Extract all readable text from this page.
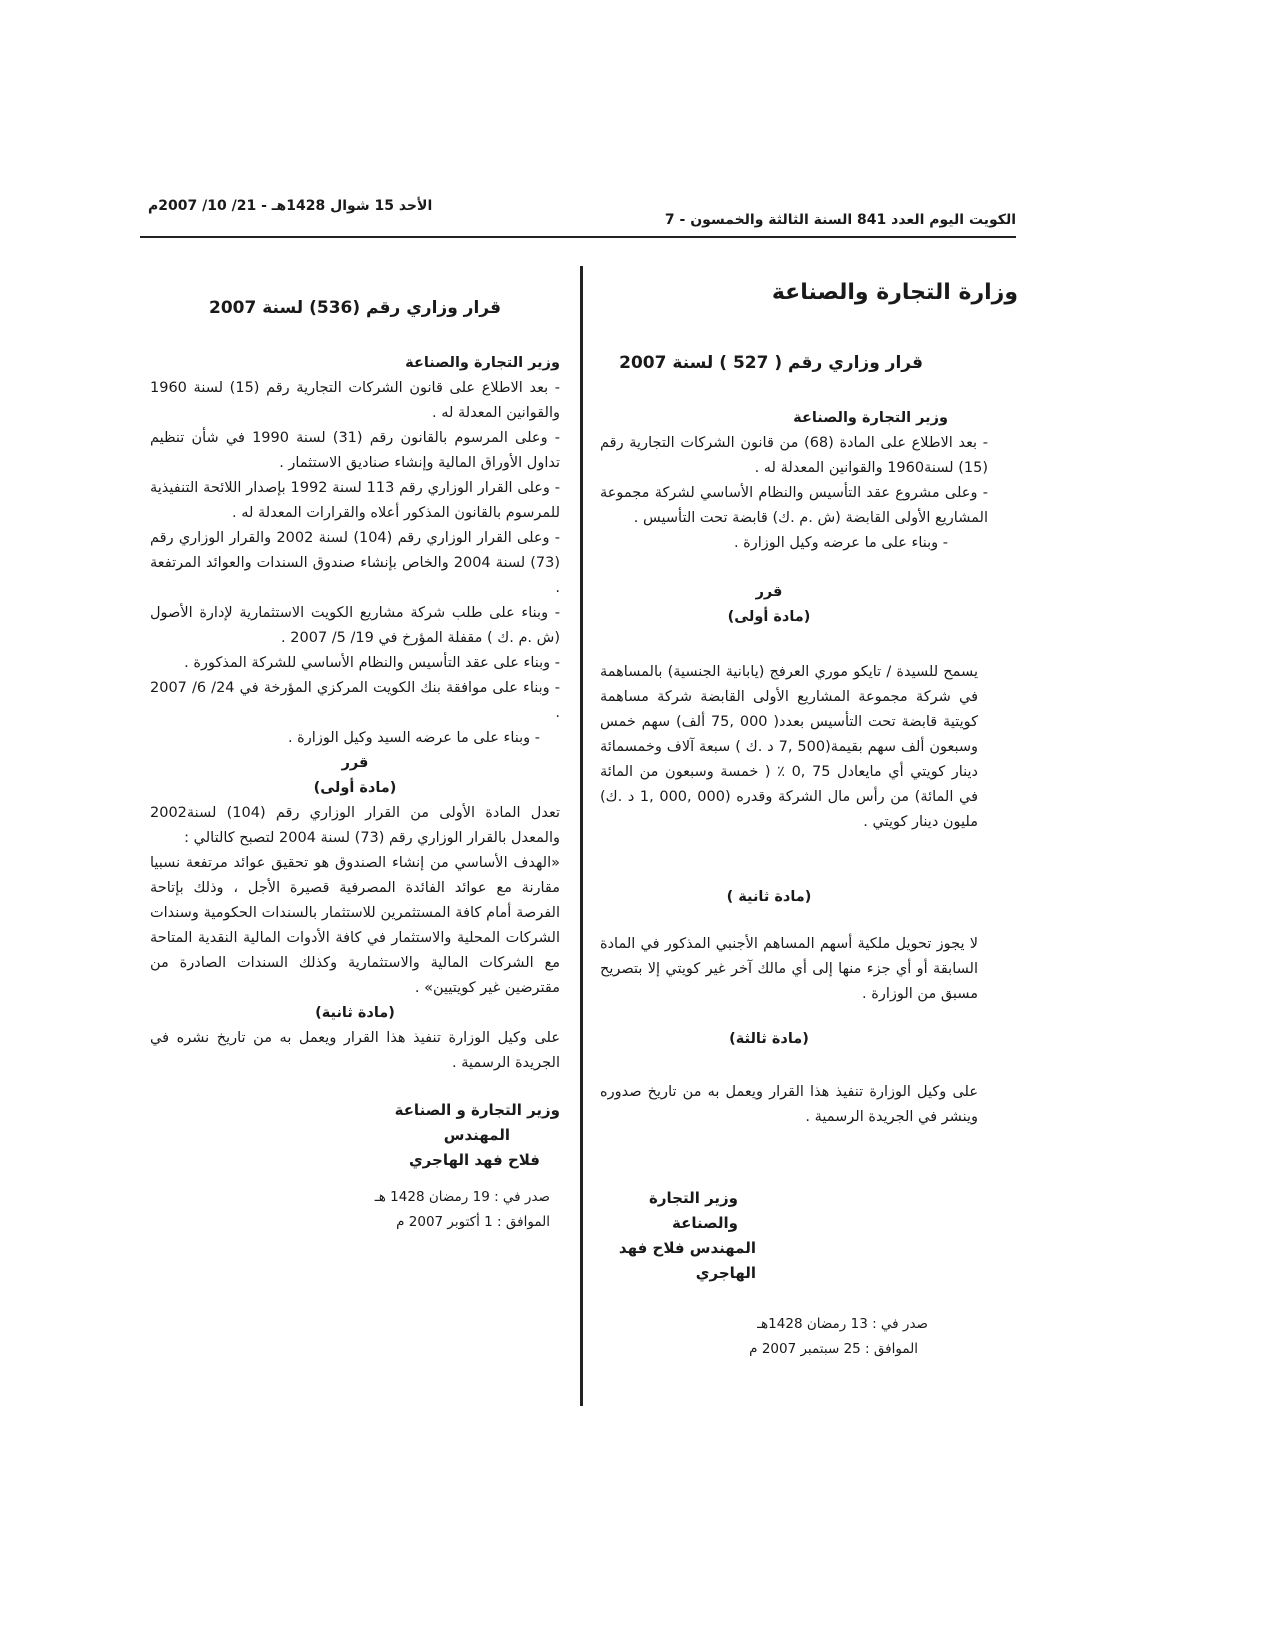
الكويت اليوم العدد 841 السنة الثالثة والخمسون - 7
الأحد 15 شوال 1428هـ - 21/ 10/ 2007م

وزارة التجارة والصناعة

قرار وزاري رقم ( 527 ) لسنة 2007

وزير التجارة والصناعة

- بعد الاطلاع على المادة (68) من قانون الشركات التجارية رقم (15) لسنة1960 والقوانين المعدلة له .

- وعلى مشروع عقد التأسيس والنظام الأساسي لشركة مجموعة المشاريع الأولى القابضة (ش .م .ك) قابضة تحت التأسيس .

- وبناء على ما عرضه وكيل الوزارة .

قرر

(مادة أولى)

يسمح للسيدة / تايكو موري العرفج (يابانية الجنسية) بالمساهمة في شركة مجموعة المشاريع الأولى القابضة شركة مساهمة كويتية قابضة تحت التأسيس بعدد( 000 ,75 ألف) سهم خمس وسبعون ألف سهم بقيمة(500 ,7 د .ك ) سبعة آلاف وخمسمائة دينار كويتي أي مايعادل 75 ,0 ٪ ( خمسة وسبعون من المائة في المائة) من رأس مال الشركة وقدره (000 ,000 ,1 د .ك) مليون دينار كويتي .

(مادة ثانية )

لا يجوز تحويل ملكية أسهم المساهم الأجنبي المذكور في المادة السابقة أو أي جزء منها إلى أي مالك آخر غير كويتي إلا بتصريح مسبق من الوزارة .

(مادة ثالثة)

على وكيل الوزارة تنفيذ هذا القرار ويعمل به من تاريخ صدوره وينشر في الجريدة الرسمية .

وزير التجارة والصناعة

المهندس فلاح فهد الهاجري

صدر في : 13 رمضان 1428هـ

الموافق : 25 سبتمبر 2007 م

قرار وزاري رقم (536) لسنة 2007

وزير التجارة والصناعة

- بعد الاطلاع على قانون الشركات التجارية رقم (15) لسنة 1960 والقوانين المعدلة له .

- وعلى المرسوم بالقانون رقم (31) لسنة 1990 في شأن تنظيم تداول الأوراق المالية وإنشاء صناديق الاستثمار .

- وعلى القرار الوزاري رقم 113 لسنة 1992 بإصدار اللائحة التنفيذية للمرسوم بالقانون المذكور أعلاه والقرارات المعدلة له .

- وعلى القرار الوزاري رقم (104) لسنة 2002 والقرار الوزاري رقم (73) لسنة 2004 والخاص بإنشاء صندوق السندات والعوائد المرتفعة .

- وبناء على طلب شركة مشاريع الكويت الاستثمارية لإدارة الأصول (ش .م .ك ) مقفلة المؤرخ في 19/ 5/ 2007 .

- وبناء على عقد التأسيس والنظام الأساسي للشركة المذكورة .

- وبناء على موافقة بنك الكويت المركزي المؤرخة في 24/ 6/ 2007 .

- وبناء على ما عرضه السيد وكيل الوزارة .

قرر

(مادة أولى)

تعدل المادة الأولى من القرار الوزاري رقم (104) لسنة2002 والمعدل بالقرار الوزاري رقم (73) لسنة 2004 لتصبح كالتالي :

«الهدف الأساسي من إنشاء الصندوق هو تحقيق عوائد مرتفعة نسبيا مقارنة مع عوائد الفائدة المصرفية قصيرة الأجل ، وذلك بإتاحة الفرصة أمام كافة المستثمرين للاستثمار بالسندات الحكومية وسندات الشركات المحلية والاستثمار في كافة الأدوات المالية النقدية المتاحة مع الشركات المالية والاستثمارية وكذلك السندات الصادرة من مقترضين غير كويتيين» .

(مادة ثانية)

على وكيل الوزارة تنفيذ هذا القرار ويعمل به من تاريخ نشره في الجريدة الرسمية .

وزير التجارة و الصناعة

المهندس

فلاح فهد الهاجري

صدر في : 19 رمضان 1428 هـ

الموافق : 1 أكتوبر 2007 م
